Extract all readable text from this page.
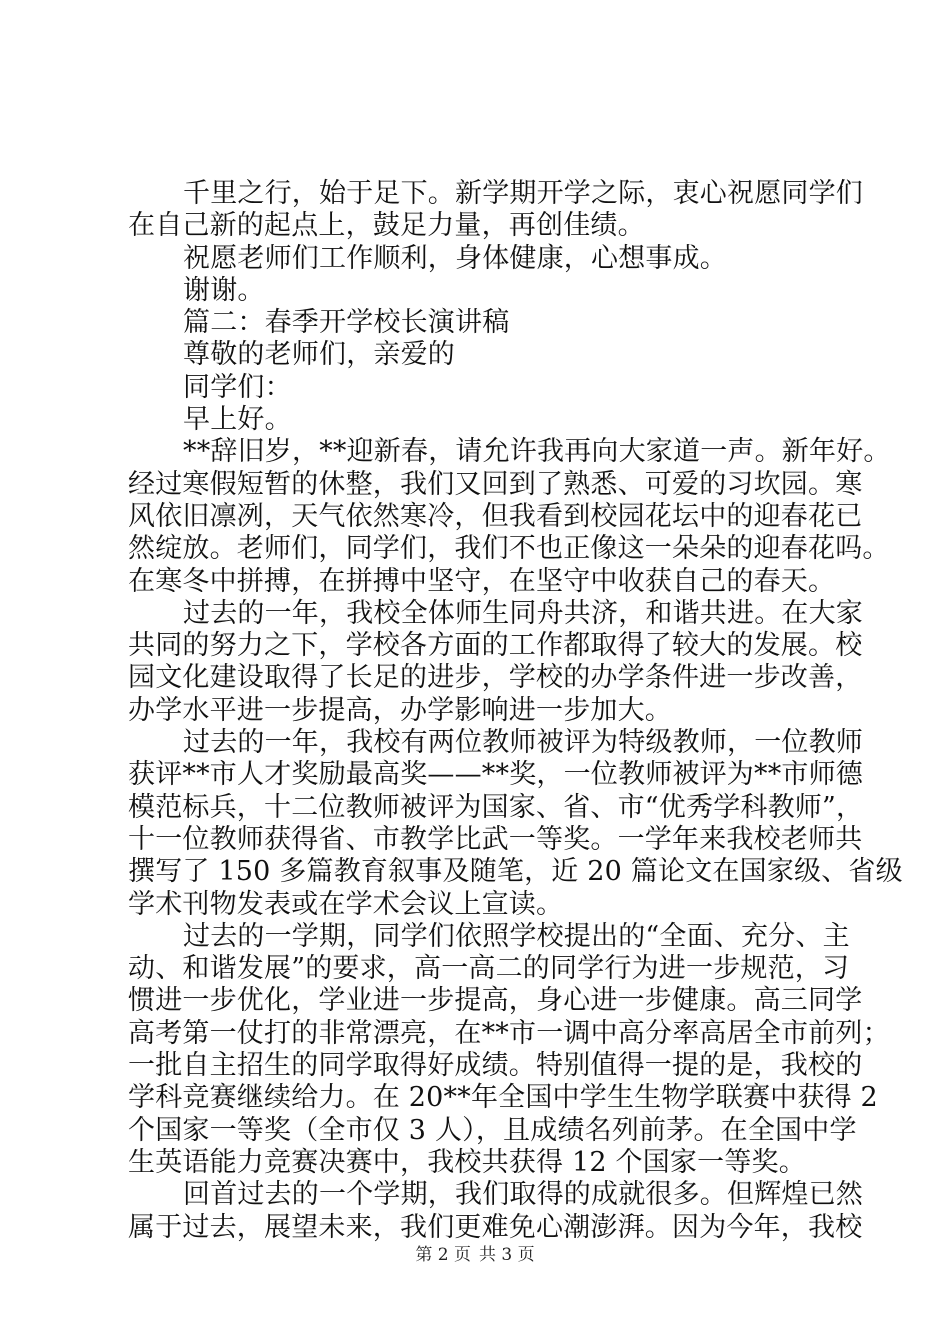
千里之行，始于足下。新学期开学之际，衷心祝愿同学们
在自己新的起点上，鼓足力量，再创佳绩。
祝愿老师们工作顺利，身体健康，心想事成。
谢谢。
篇二：春季开学校长演讲稿
尊敬的老师们，亲爱的
同学们：
早上好。
**辞旧岁，**迎新春，请允许我再向大家道一声。新年好。
经过寒假短暂的休整，我们又回到了熟悉、可爱的习坎园。寒
风依旧凛冽，天气依然寒冷，但我看到校园花坛中的迎春花已
然绽放。老师们，同学们，我们不也正像这一朵朵的迎春花吗。
在寒冬中拼搏，在拼搏中坚守，在坚守中收获自己的春天。
过去的一年，我校全体师生同舟共济，和谐共进。在大家
共同的努力之下，学校各方面的工作都取得了较大的发展。校
园文化建设取得了长足的进步，学校的办学条件进一步改善，
办学水平进一步提高，办学影响进一步加大。
过去的一年，我校有两位教师被评为特级教师，一位教师
获评**市人才奖励最高奖——**奖，一位教师被评为**市师德
模范标兵，十二位教师被评为国家、省、市“优秀学科教师”，
十一位教师获得省、市教学比武一等奖。一学年来我校老师共
撰写了 150 多篇教育叙事及随笔，近 20 篇论文在国家级、省级
学术刊物发表或在学术会议上宣读。
过去的一学期，同学们依照学校提出的“全面、充分、主
动、和谐发展”的要求，高一高二的同学行为进一步规范，习
惯进一步优化，学业进一步提高，身心进一步健康。高三同学
高考第一仗打的非常漂亮，在**市一调中高分率高居全市前列；
一批自主招生的同学取得好成绩。特别值得一提的是，我校的
学科竞赛继续给力。在 20**年全国中学生生物学联赛中获得 2
个国家一等奖（全市仅 3 人），且成绩名列前茅。在全国中学
生英语能力竞赛决赛中，我校共获得 12 个国家一等奖。
回首过去的一个学期，我们取得的成就很多。但辉煌已然
属于过去，展望未来，我们更难免心潮澎湃。因为今年，我校
第 2 页 共 3 页
